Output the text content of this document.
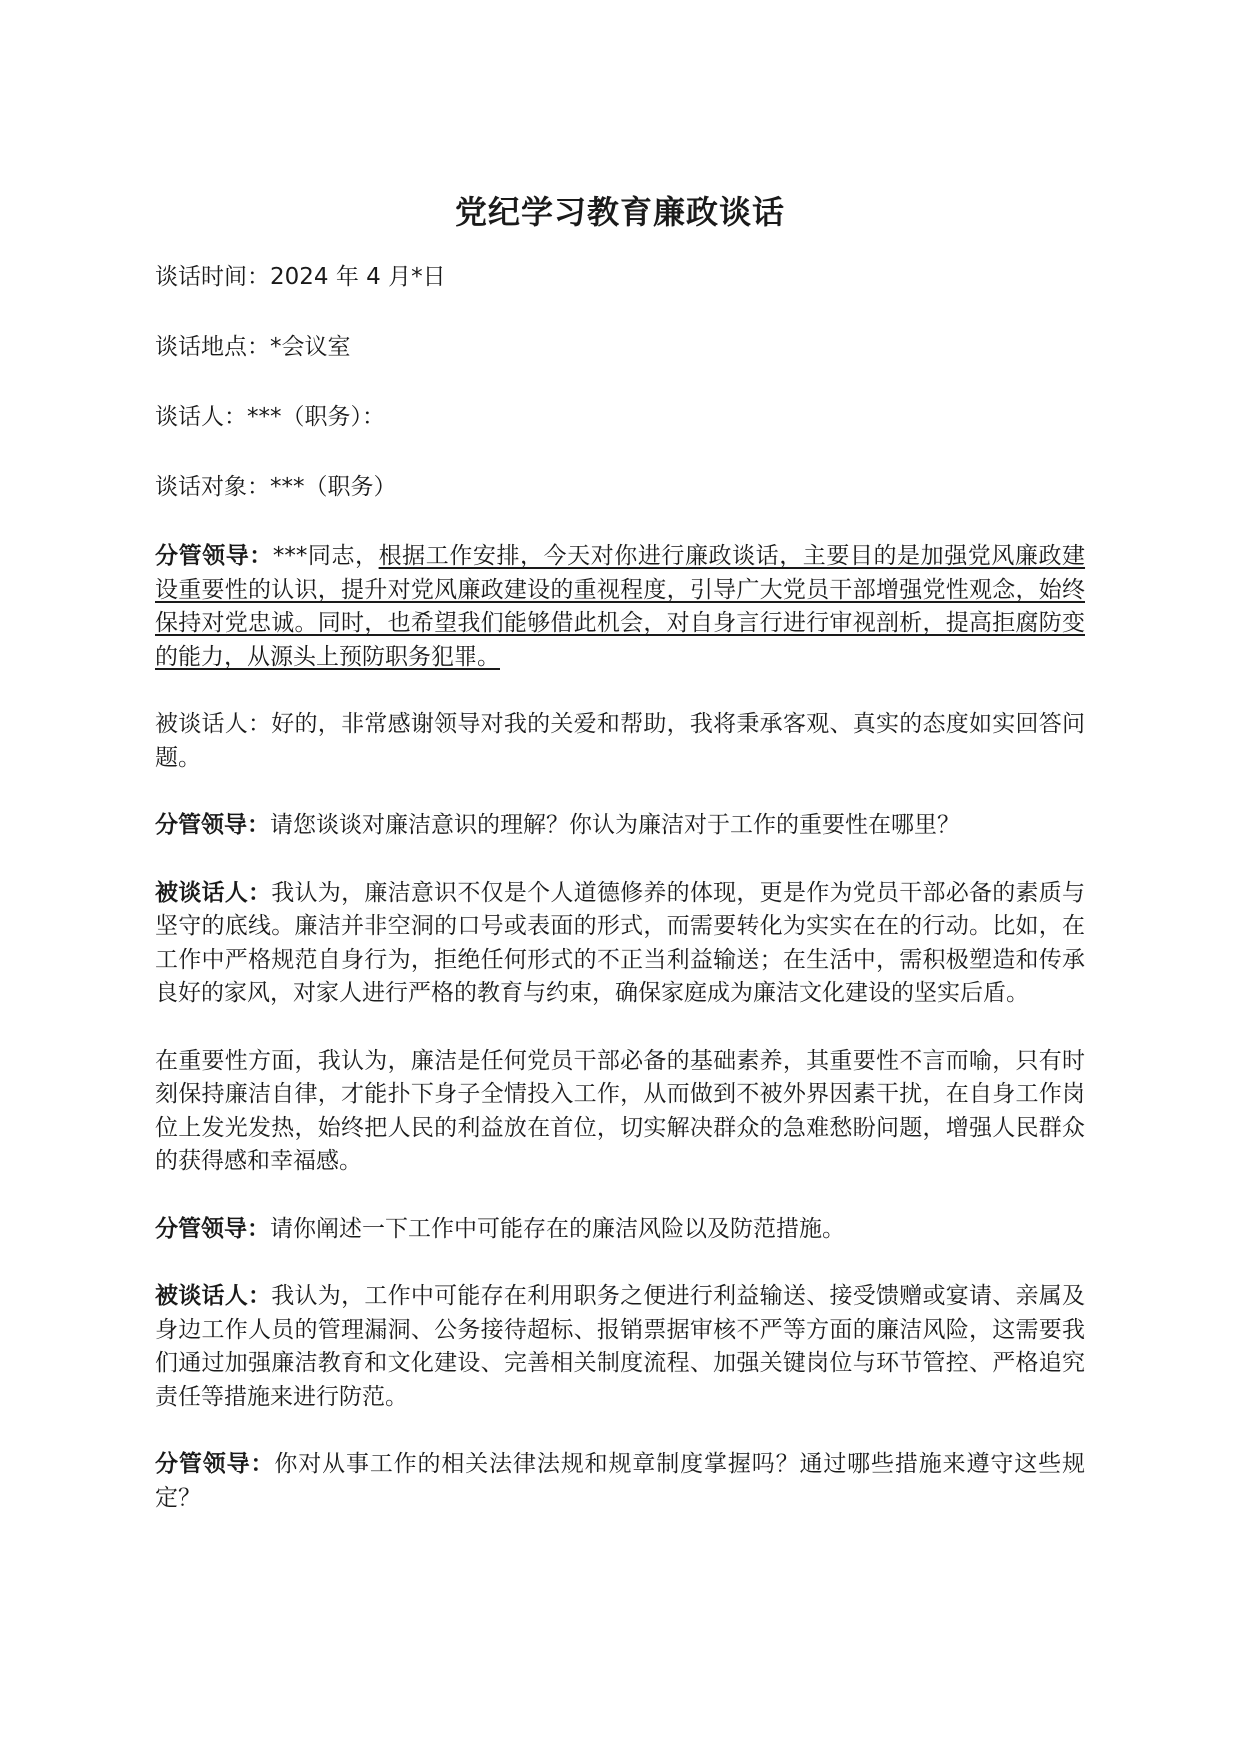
党纪学习教育廉政谈话
谈话时间：2024 年 4 月*日
谈话地点：*会议室
谈话人：***（职务）：
谈话对象：***（职务）

分管领导：***同志，根据工作安排，今天对你进行廉政谈话，主要目的是加强党风廉政建设重要性的认识，提升对党风廉政建设的重视程度，引导广大党员干部增强党性观念，始终保持对党忠诚。同时，也希望我们能够借此机会，对自身言行进行审视剖析，提高拒腐防变的能力，从源头上预防职务犯罪。

被谈话人：好的，非常感谢领导对我的关爱和帮助，我将秉承客观、真实的态度如实回答问题。

分管领导：请您谈谈对廉洁意识的理解？你认为廉洁对于工作的重要性在哪里？

被谈话人：我认为，廉洁意识不仅是个人道德修养的体现，更是作为党员干部必备的素质与坚守的底线。廉洁并非空洞的口号或表面的形式，而需要转化为实实在在的行动。比如，在工作中严格规范自身行为，拒绝任何形式的不正当利益输送；在生活中，需积极塑造和传承良好的家风，对家人进行严格的教育与约束，确保家庭成为廉洁文化建设的坚实后盾。

在重要性方面，我认为，廉洁是任何党员干部必备的基础素养，其重要性不言而喻，只有时刻保持廉洁自律，才能扑下身子全情投入工作，从而做到不被外界因素干扰，在自身工作岗位上发光发热，始终把人民的利益放在首位，切实解决群众的急难愁盼问题，增强人民群众的获得感和幸福感。

分管领导：请你阐述一下工作中可能存在的廉洁风险以及防范措施。

被谈话人：我认为，工作中可能存在利用职务之便进行利益输送、接受馈赠或宴请、亲属及身边工作人员的管理漏洞、公务接待超标、报销票据审核不严等方面的廉洁风险，这需要我们通过加强廉洁教育和文化建设、完善相关制度流程、加强关键岗位与环节管控、严格追究责任等措施来进行防范。

分管领导：你对从事工作的相关法律法规和规章制度掌握吗？通过哪些措施来遵守这些规定？
